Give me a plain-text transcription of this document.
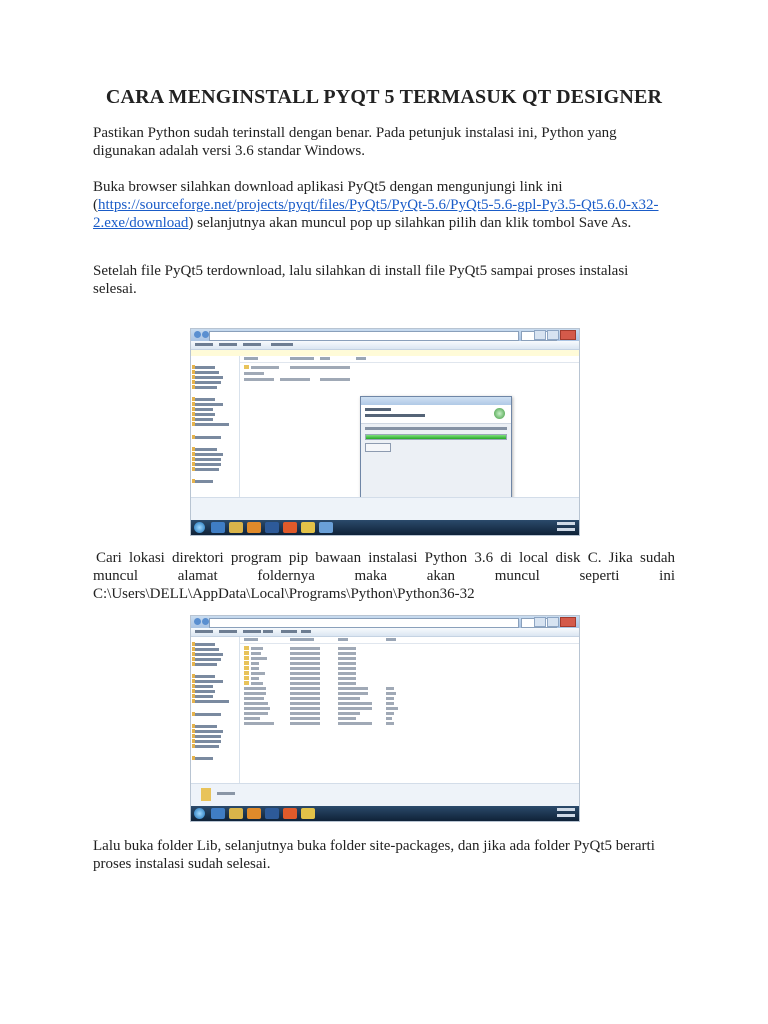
CARA MENGINSTALL PYQT 5 TERMASUK QT DESIGNER
Pastikan Python sudah terinstall dengan benar. Pada petunjuk instalasi ini, Python yang digunakan adalah versi 3.6 standar Windows.
Buka browser silahkan download aplikasi PyQt5 dengan mengunjungi link ini (https://sourceforge.net/projects/pyqt/files/PyQt5/PyQt-5.6/PyQt5-5.6-gpl-Py3.5-Qt5.6.0-x32-2.exe/download) selanjutnya akan muncul pop up silahkan pilih dan klik tombol Save As.
Setelah file PyQt5 terdownload, lalu silahkan di install file PyQt5 sampai proses instalasi selesai.
Cari lokasi direktori program pip bawaan instalasi Python 3.6 di local disk C. Jika sudah muncul alamat foldernya maka akan muncul seperti ini
C:\Users\DELL\AppData\Local\Programs\Python\Python36-32
Lalu buka folder Lib, selanjutnya buka folder site-packages, dan jika ada folder PyQt5 berarti proses instalasi sudah selesai.
